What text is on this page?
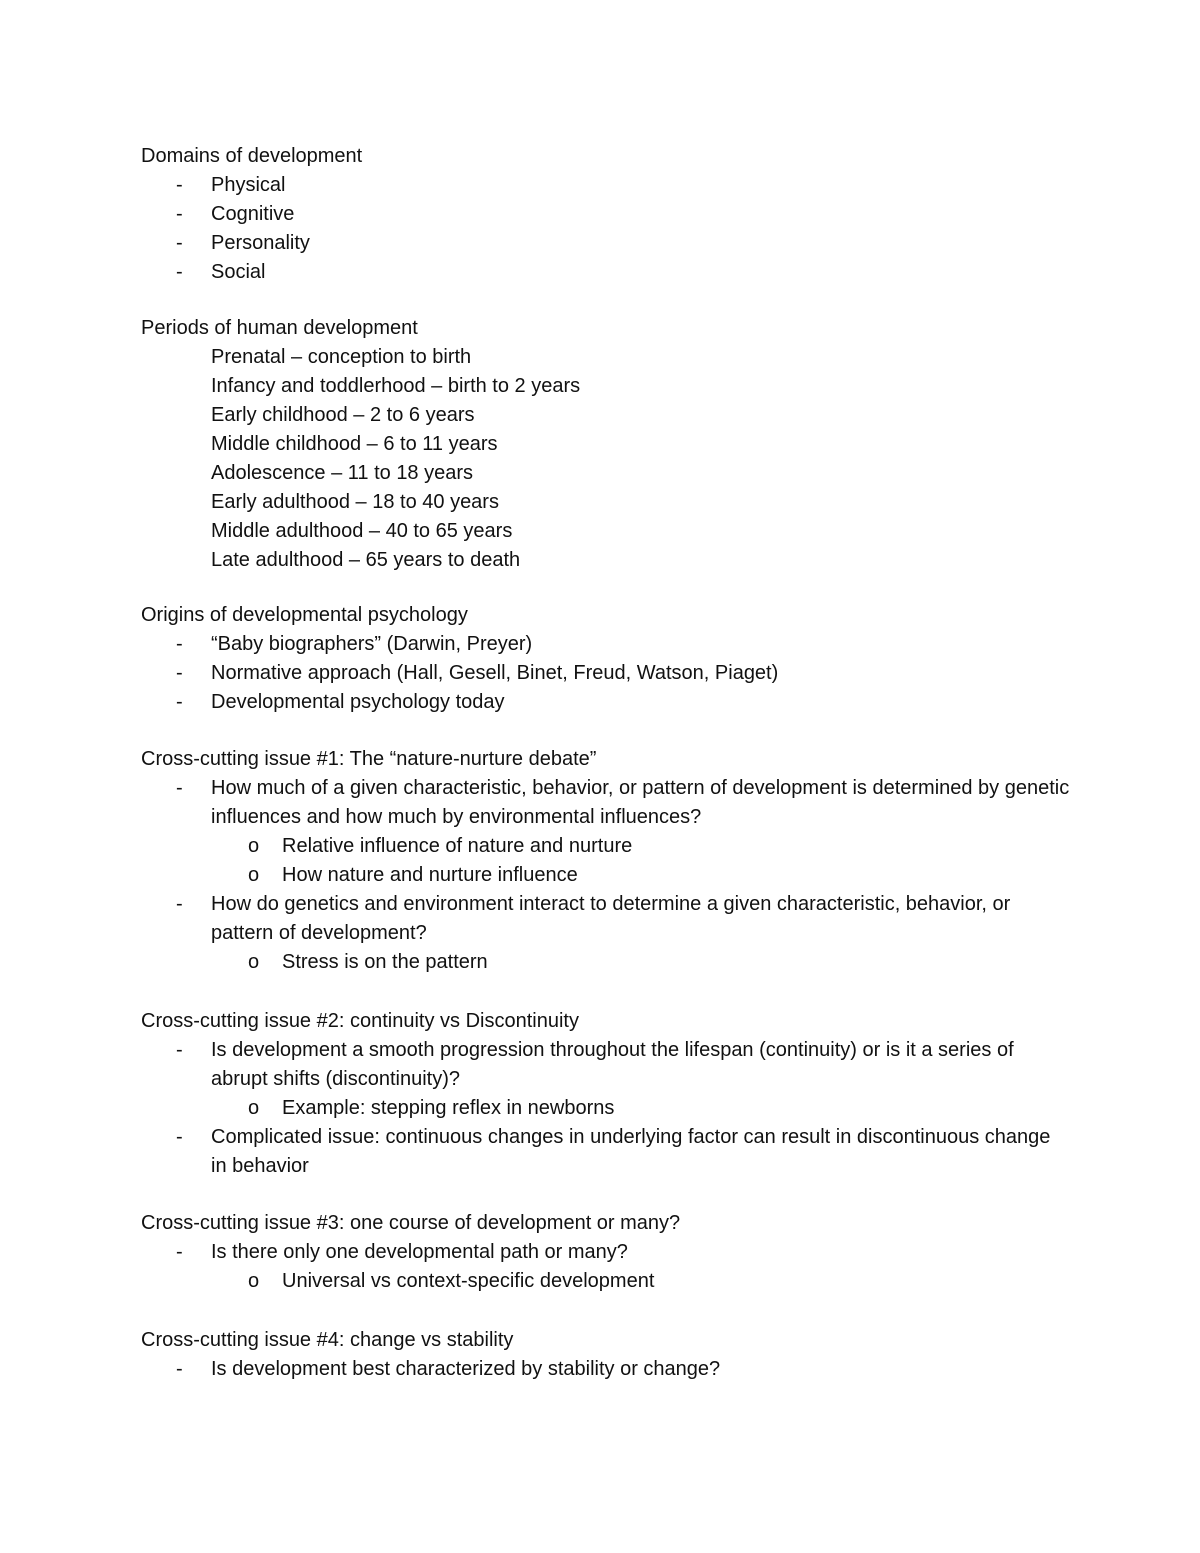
Domains of development
-	Physical
-	Cognitive
-	Personality
-	Social
Periods of human development
Prenatal – conception to birth
Infancy and toddlerhood – birth to 2 years
Early childhood – 2 to 6 years
Middle childhood – 6 to 11 years
Adolescence – 11 to 18 years
Early adulthood – 18 to 40 years
Middle adulthood – 40 to 65 years
Late adulthood – 65 years to death
Origins of developmental psychology
-	“Baby biographers” (Darwin, Preyer)
-	Normative approach (Hall, Gesell, Binet, Freud, Watson, Piaget)
-	Developmental psychology today
Cross-cutting issue #1: The “nature-nurture debate”
-	How much of a given characteristic, behavior, or pattern of development is determined by genetic influences and how much by environmental influences?
o	Relative influence of nature and nurture
o	How nature and nurture influence
-	How do genetics and environment interact to determine a given characteristic, behavior, or pattern of development?
o	Stress is on the pattern
Cross-cutting issue #2: continuity vs Discontinuity
-	Is development a smooth progression throughout the lifespan (continuity) or is it a series of abrupt shifts (discontinuity)?
o	Example: stepping reflex in newborns
-	Complicated issue: continuous changes in underlying factor can result in discontinuous change in behavior
Cross-cutting issue #3: one course of development or many?
-	Is there only one developmental path or many?
o	Universal vs context-specific development
Cross-cutting issue #4: change vs stability
-	Is development best characterized by stability or change?
